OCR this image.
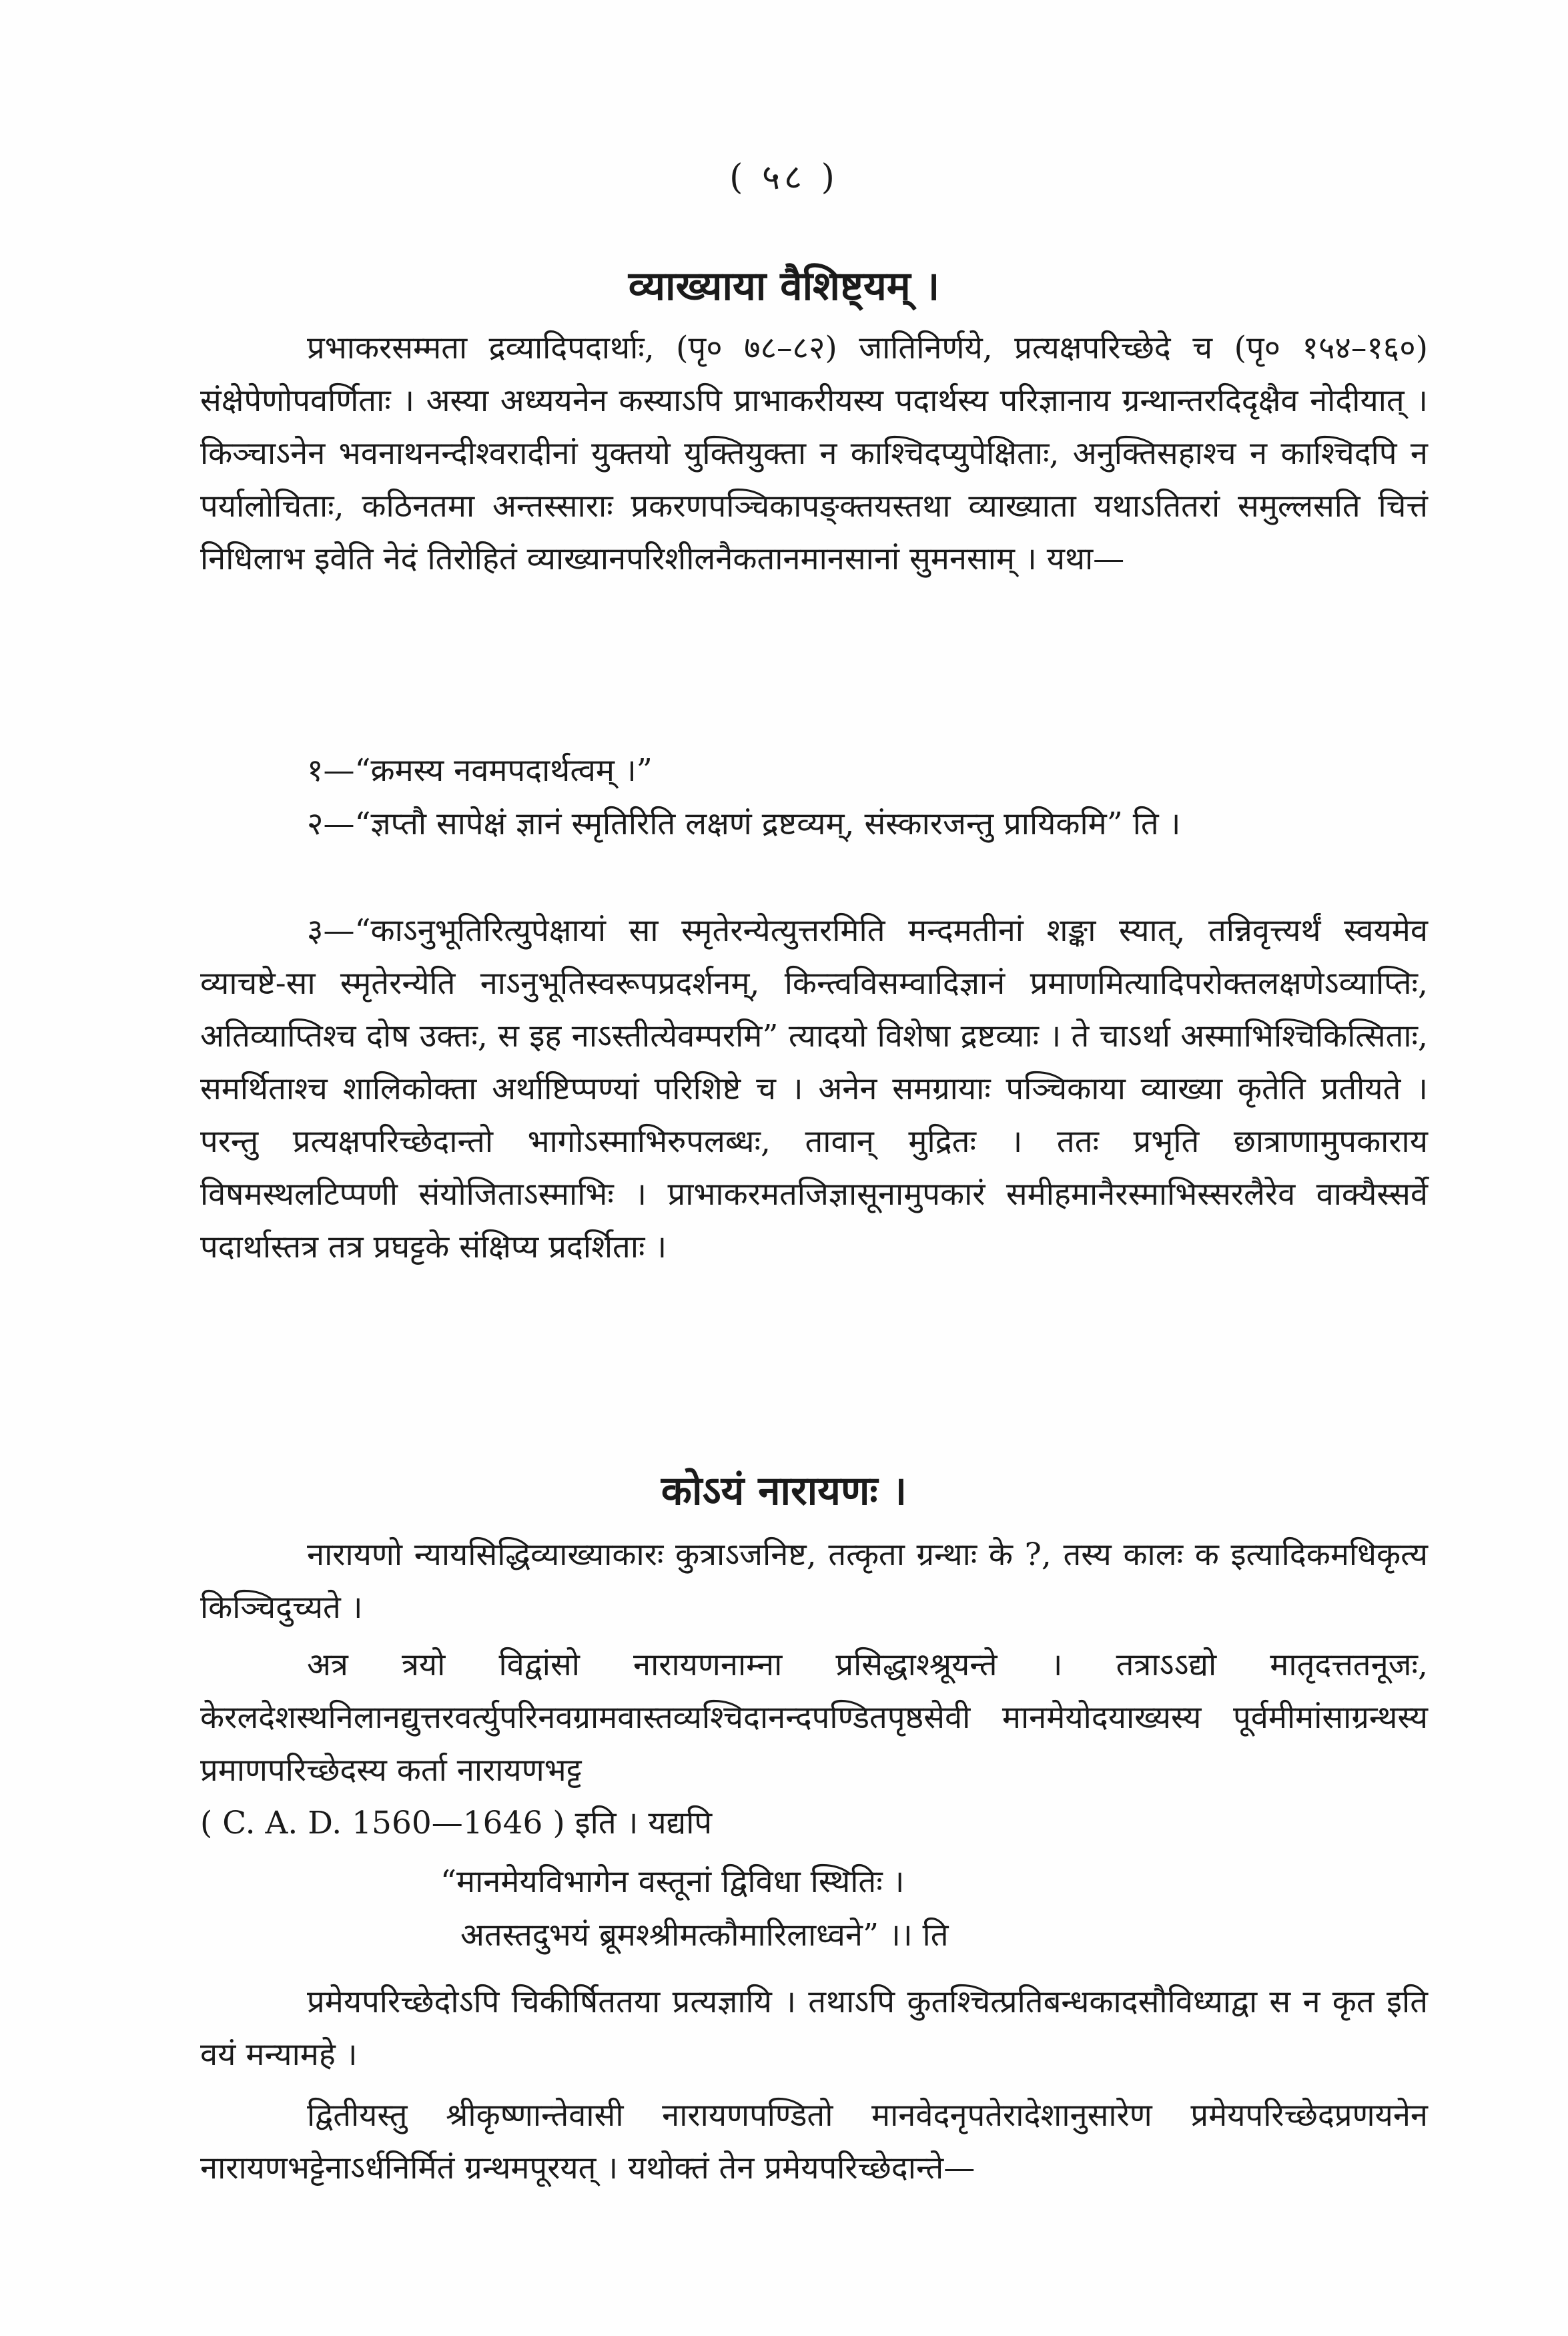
( ५८ )
व्याख्याया वैशिष्ट्यम् ।

प्रभाकरसम्मता द्रव्यादिपदार्थाः, (पृ० ७८–८२) जातिनिर्णये, प्रत्यक्षपरिच्छेदे च (पृ० १५४–१६०) संक्षेपेणोपवर्णिताः । अस्या अध्ययनेन कस्याऽपि प्राभाकरीयस्य पदार्थस्य परिज्ञानाय ग्रन्थान्तरदिदृक्षैव नोदीयात् । किञ्चाऽनेन भवनाथनन्दीश्वरादीनां युक्तयो युक्तियुक्ता न काश्चिदप्युपेक्षिताः, अनुक्तिसहाश्च न काश्चिदपि न पर्यालोचिताः, कठिनतमा अन्तस्साराः प्रकरणपञ्चिकापङ्क्तयस्तथा व्याख्याता यथाऽतितरां समुल्लसति चित्तं निधिलाभ इवेति नेदं तिरोहितं व्याख्यानपरिशीलनैकतानमानसानां सुमनसाम् । यथा—

१—“क्रमस्य नवमपदार्थत्वम् ।”

२—“ज्ञप्तौ सापेक्षं ज्ञानं स्मृतिरिति लक्षणं द्रष्टव्यम्, संस्कारजन्तु प्रायिकमि” ति ।

३—“काऽनुभूतिरित्युपेक्षायां सा स्मृतेरन्येत्युत्तरमिति मन्दमतीनां शङ्का स्यात्, तन्निवृत्त्यर्थं स्वयमेव व्याचष्टे-सा स्मृतेरन्येति नाऽनुभूतिस्वरूपप्रदर्शनम्, किन्त्वविसम्वादिज्ञानं प्रमाणमित्यादिपरोक्तलक्षणेऽव्याप्तिः, अतिव्याप्तिश्च दोष उक्तः, स इह नाऽस्तीत्येवम्परमि” त्यादयो विशेषा द्रष्टव्याः । ते चाऽर्था अस्माभिश्चिकित्सिताः, समर्थिताश्च शालिकोक्ता अर्थाष्टिप्पण्यां परिशिष्टे च । अनेन समग्रायाः पञ्चिकाया व्याख्या कृतेति प्रतीयते । परन्तु प्रत्यक्षपरिच्छेदान्तो भागोऽस्माभिरुपलब्धः, तावान् मुद्रितः । ततः प्रभृति छात्राणामुपकाराय विषमस्थलटिप्पणी संयोजिताऽस्माभिः । प्राभाकरमतजिज्ञासूनामुपकारं समीहमानैरस्माभिस्सरलैरेव वाक्यैस्सर्वे पदार्थास्तत्र तत्र प्रघट्टके संक्षिप्य प्रदर्शिताः ।

कोऽयं नारायणः ।

नारायणो न्यायसिद्धिव्याख्याकारः कुत्राऽजनिष्ट, तत्कृता ग्रन्थाः के ?, तस्य कालः क इत्यादिकमधिकृत्य किञ्चिदुच्यते ।

अत्र त्रयो विद्वांसो नारायणनाम्ना प्रसिद्धाश्श्रूयन्ते । तत्राऽऽद्यो मातृदत्ततनूजः, केरलदेशस्थनिलानद्युत्तरवर्त्युपरिनवग्रामवास्तव्यश्चिदानन्दपण्डितपृष्ठसेवी मानमेयोदयाख्यस्य पूर्वमीमांसाग्रन्थस्य प्रमाणपरिच्छेदस्य कर्ता नारायणभट्ट

( C. A. D. 1560—1646 ) इति । यद्यपि

“मानमेयविभागेन वस्तूनां द्विविधा स्थितिः ।
अतस्तदुभयं ब्रूमश्श्रीमत्कौमारिलाध्वने” ।। ति

प्रमेयपरिच्छेदोऽपि चिकीर्षिततया प्रत्यज्ञायि । तथाऽपि कुतश्चित्प्रतिबन्धकादसौविध्याद्वा स न कृत इति वयं मन्यामहे ।

द्वितीयस्तु श्रीकृष्णान्तेवासी नारायणपण्डितो मानवेदनृपतेरादेशानुसारेण प्रमेयपरिच्छेदप्रणयनेन नारायणभट्टेनाऽर्धनिर्मितं ग्रन्थमपूरयत् । यथोक्तं तेन प्रमेयपरिच्छेदान्ते—
